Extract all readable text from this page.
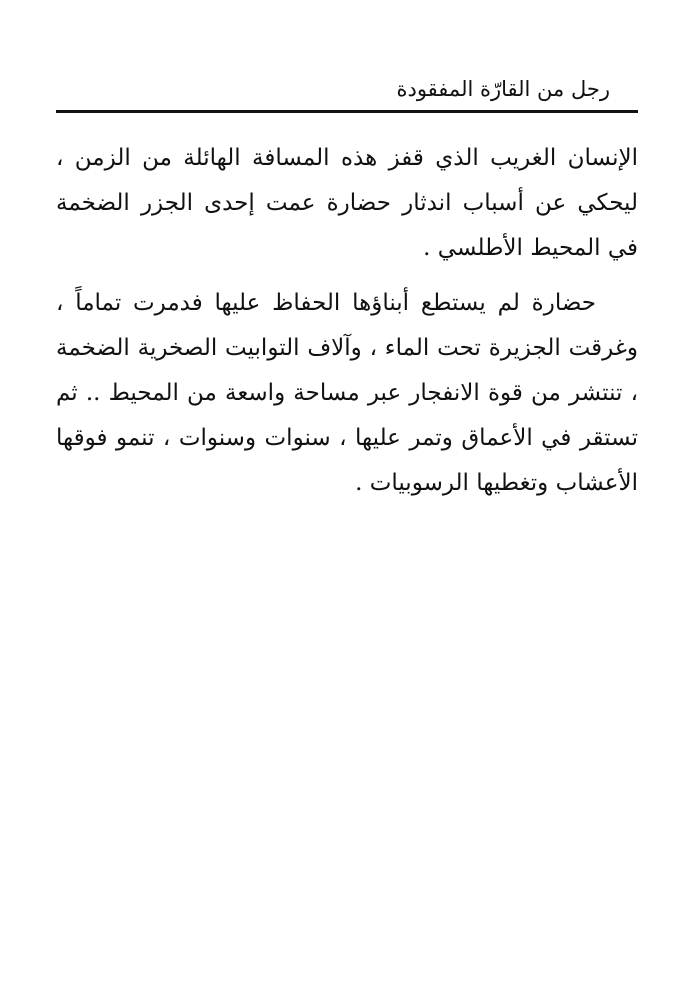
رجل من القارّة المفقودة

الإنسان الغريب الذي قفز هذه المسافة الهائلة من الزمن ، ليحكي عن أسباب اندثار حضارة عمت إحدى الجزر الضخمة في المحيط الأطلسي .

حضارة لم يستطع أبناؤها الحفاظ عليها فدمرت تماماً ، وغرقت الجزيرة تحت الماء ، وآلاف التوابيت الصخرية الضخمة ، تنتشر من قوة الانفجار عبر مساحة واسعة من المحيط .. ثم تستقر في الأعماق وتمر عليها ، سنوات وسنوات ، تنمو فوقها الأعشاب وتغطيها الرسوبيات .
